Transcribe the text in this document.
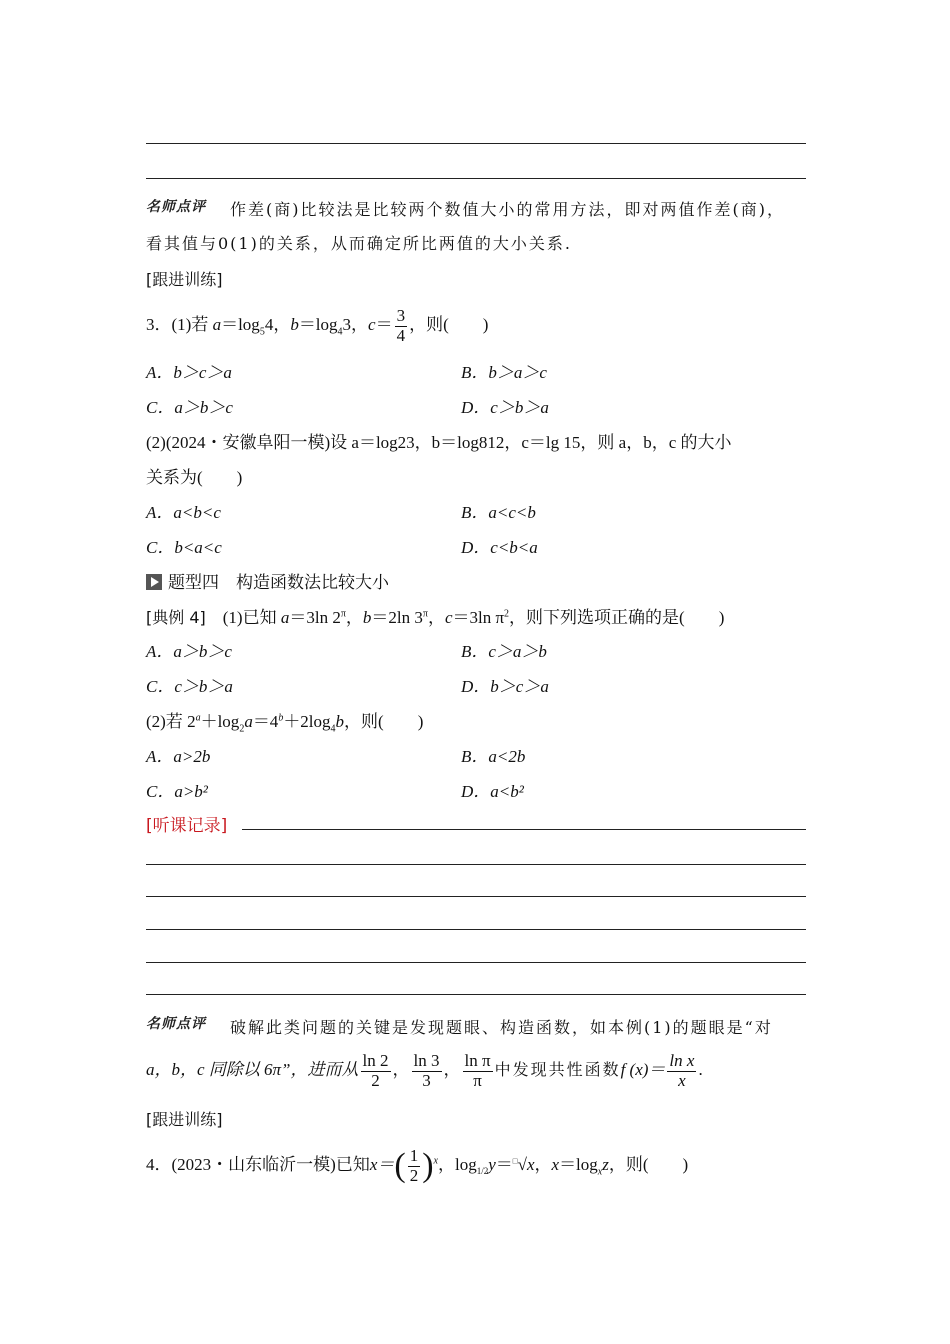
名师点评 作差(商)比较法是比较两个数值大小的常用方法，即对两值作差(商)，
看其值与0(1)的关系，从而确定所比两值的大小关系.
[跟进训练]
3．(1)若 $a=\log_54$，$b=\log_43$，$c= \frac{3}{4}$ ，则(　　)
A．b＞c＞a	B．b＞a＞c
C．a＞b＞c	D．c＞b＞a
(2)(2024・安徽阜阳一模)设 a＝log23，b＝log812，c＝lg 15，则 a，b，c 的大小
关系为(　　)
A．a<b<c	B．a<c<b
C．b<a<c	D．c<b<a
题型四　构造函数法比较大小
[典例 4]　(1)已知 a＝3ln $2^\pi$，b＝2ln $3^\pi$，c＝3ln $\pi^2$，则下列选项正确的是(　　)
A．a＞b＞c	B．c＞a＞b
C．c＞b＞a	D．b＞c＞a
(2)若 $2^a+\log_2a=4^b+2\log_4b$，则(　　)
A．a>2b	B．a<2b
C．a>b²	D．a<b²
[听课记录]
名师点评 破解此类问题的关键是发现题眼、构造函数，如本例(1)的题眼是“对
a，b，c 同除以 6π”，进而从 $\frac{\ln 2}{2}$ ， $\frac{\ln 3}{3}$ ， $\frac{\text{ln π}}{\pi}$ 中发现共性函数f $(x)= \frac{\text{ln x}}{x}$ .
[跟进训练]
4．(2023・山东临沂一模)已知$x=( \frac{1}{2} )^x$，$\log_{1/2}y=^□√x$，$x=\log_xz$，则(　　)
